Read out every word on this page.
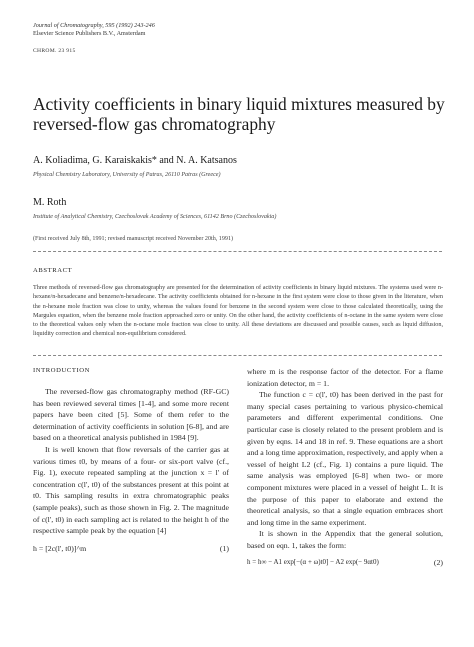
Journal of Chromatography, 595 (1992) 243-246
Elsevier Science Publishers B.V., Amsterdam
CHROM. 23 915
Activity coefficients in binary liquid mixtures measured by
reversed-flow gas chromatography
A. Koliadima, G. Karaiskakis* and N. A. Katsanos
Physical Chemistry Laboratory, University of Patras, 26110 Patras (Greece)
M. Roth
Institute of Analytical Chemistry, Czechoslovak Academy of Sciences, 61142 Brno (Czechoslovakia)
(First received July 8th, 1991; revised manuscript received November 20th, 1991)
ABSTRACT
Three methods of reversed-flow gas chromatography are presented for the determination of activity coefficients in binary liquid mixtures. The systems used were n-hexane/n-hexadecane and benzene/n-hexadecane. The activity coefficients obtained for n-hexane in the first system were close to those given in the literature, when the n-hexane mole fraction was close to unity, whereas the values found for benzene in the second system were close to those calculated theoretically, using the Margules equation, when the benzene mole fraction approached zero or unity. On the other hand, the activity coefficients of n-octane in the same system were close to the theoretical values only when the n-octane mole fraction was close to unity. All these deviations are discussed and possible causes, such as liquid diffusion, liquidity correction and chemical non-equilibrium considered.
INTRODUCTION

The reversed-flow gas chromatography method (RF-GC) has been reviewed several times [1-4], and some more recent papers have been cited [5]. Some of them refer to the determination of activity coefficients in solution [6-8], and are based on a theoretical analysis published in 1984 [9].

It is well known that flow reversals of the carrier gas at various times t0, by means of a four- or six-port valve (cf., Fig. 1), execute repeated sampling at the junction x = l' of concentration c(l', t0) of the substances present at this point at t0. This sampling results in extra chromatographic peaks (sample peaks), such as those shown in Fig. 2. The magnitude of c(l', t0) in each sampling act is related to the height h of the respective sample peak by the equation [4]

h = [2c(l', t0)]^m	(1)

where m is the response factor of the detector. For a flame ionization detector, m = 1.

The function c = c(l', t0) has been derived in the past for many special cases pertaining to various physico-chemical parameters and different experimental conditions. One particular case is closely related to the present problem and is given by eqns. 14 and 18 in ref. 9. These equations are a short and a long time approximation, respectively, and apply when a vessel of height L2 (cf., Fig. 1) contains a pure liquid. The same analysis was employed [6-8] when two- or more component mixtures were placed in a vessel of height L. It is the purpose of this paper to elaborate and extend the theoretical analysis, so that a single equation embraces short and long time in the same experiment.

It is shown in the Appendix that the general solution, based on eqn. 1, takes the form:

h = h∞ − A1 exp[−(α + ω)t0] − A2 exp(− 9αt0)	(2)
